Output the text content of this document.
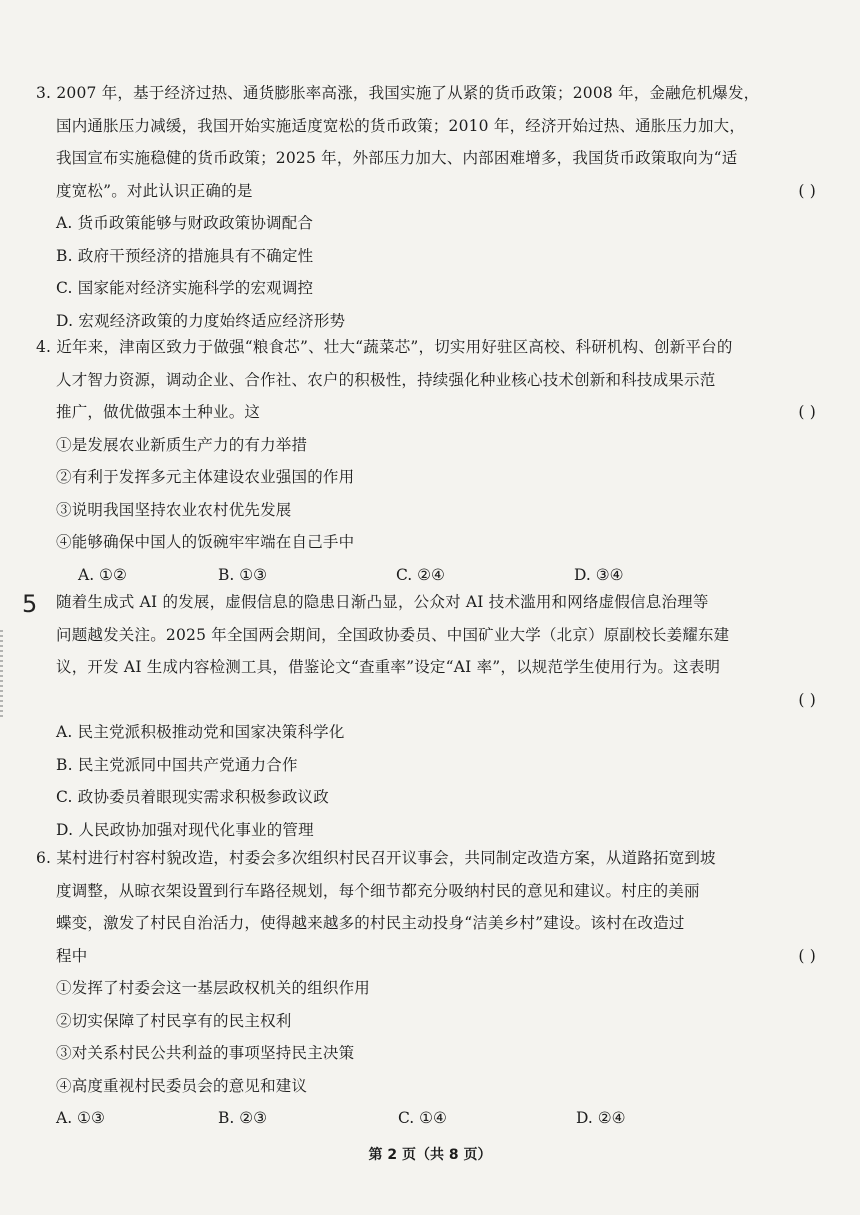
3. 2007 年，基于经济过热、通货膨胀率高涨，我国实施了从紧的货币政策；2008 年，金融危机爆发，
国内通胀压力减缓，我国开始实施适度宽松的货币政策；2010 年，经济开始过热、通胀压力加大，
我国宣布实施稳健的货币政策；2025 年，外部压力加大、内部困难增多，我国货币政策取向为“适
度宽松”。对此认识正确的是	( )
A. 货币政策能够与财政政策协调配合
B. 政府干预经济的措施具有不确定性
C. 国家能对经济实施科学的宏观调控
D. 宏观经济政策的力度始终适应经济形势
4. 近年来，津南区致力于做强“粮食芯”、壮大“蔬菜芯”，切实用好驻区高校、科研机构、创新平台的
人才智力资源，调动企业、合作社、农户的积极性，持续强化种业核心技术创新和科技成果示范
推广，做优做强本土种业。这	( )
①是发展农业新质生产力的有力举措
②有利于发挥多元主体建设农业强国的作用
③说明我国坚持农业农村优先发展
④能够确保中国人的饭碗牢牢端在自己手中
A. ①②	B. ①③	C. ②④	D. ③④
5	随着生成式 AI 的发展，虚假信息的隐患日渐凸显，公众对 AI 技术滥用和网络虚假信息治理等
问题越发关注。2025 年全国两会期间，全国政协委员、中国矿业大学（北京）原副校长姜耀东建
议，开发 AI 生成内容检测工具，借鉴论文“查重率”设定“AI 率”，以规范学生使用行为。这表明
( )
A. 民主党派积极推动党和国家决策科学化
B. 民主党派同中国共产党通力合作
C. 政协委员着眼现实需求积极参政议政
D. 人民政协加强对现代化事业的管理
6. 某村进行村容村貌改造，村委会多次组织村民召开议事会，共同制定改造方案，从道路拓宽到坡
度调整，从晾衣架设置到行车路径规划，每个细节都充分吸纳村民的意见和建议。村庄的美丽
蝶变，激发了村民自治活力，使得越来越多的村民主动投身“洁美乡村”建设。该村在改造过
程中	( )
①发挥了村委会这一基层政权机关的组织作用
②切实保障了村民享有的民主权利
③对关系村民公共利益的事项坚持民主决策
④高度重视村民委员会的意见和建议
A. ①③	B. ②③	C. ①④	D. ②④
第 2 页（共 8 页）
